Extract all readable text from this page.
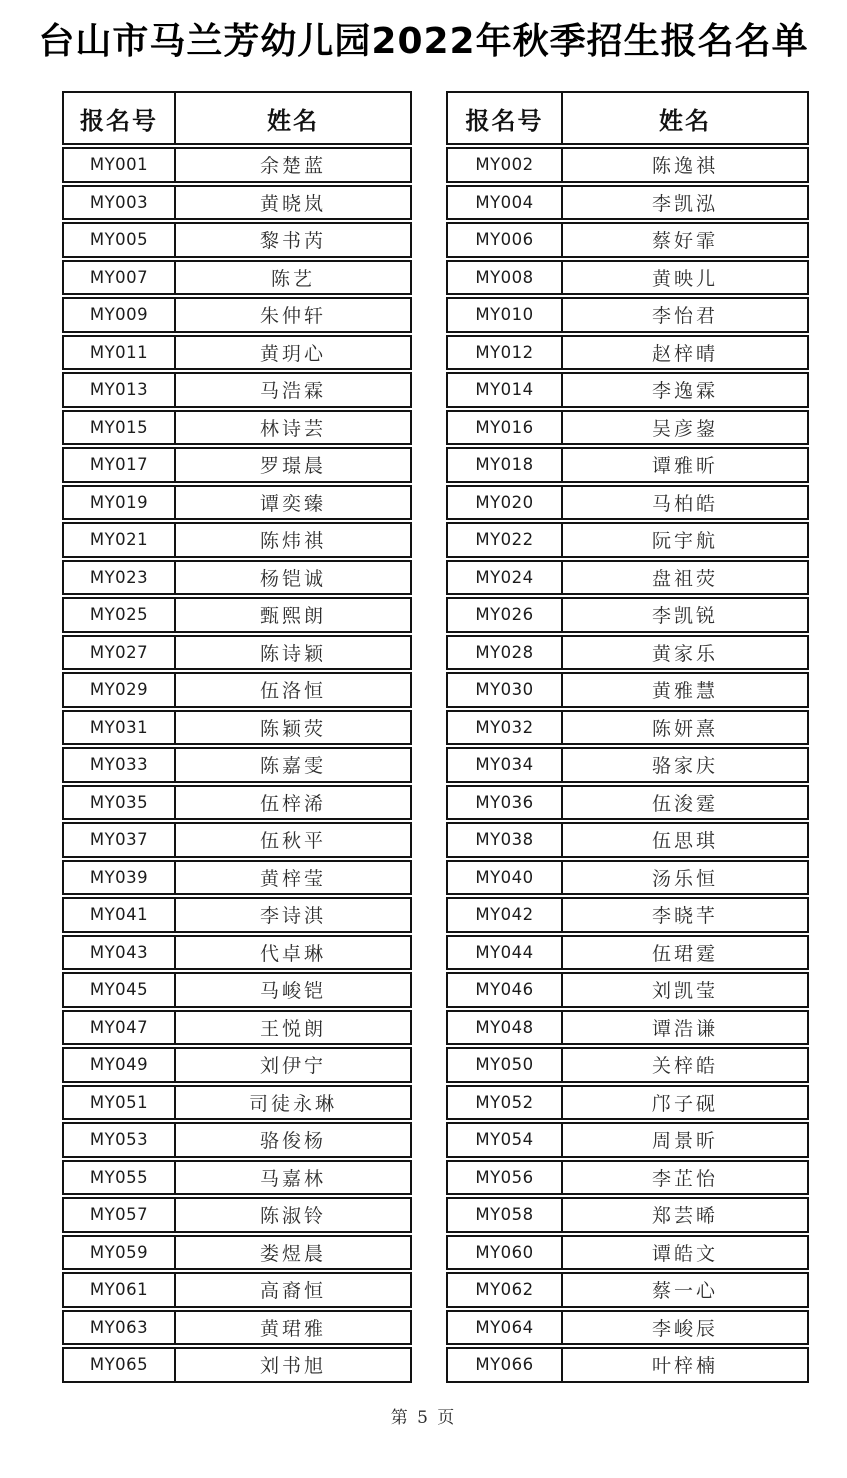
台山市马兰芳幼儿园2022年秋季招生报名名单
报名号	姓名
MY001	余楚蓝
MY003	黄晓岚
MY005	黎书芮
MY007	陈艺
MY009	朱仲轩
MY011	黄玥心
MY013	马浩霖
MY015	林诗芸
MY017	罗璟晨
MY019	谭奕臻
MY021	陈炜祺
MY023	杨铠诚
MY025	甄熙朗
MY027	陈诗颖
MY029	伍洛恒
MY031	陈颖荧
MY033	陈嘉雯
MY035	伍梓浠
MY037	伍秋平
MY039	黄梓莹
MY041	李诗淇
MY043	代卓琳
MY045	马峻铠
MY047	王悦朗
MY049	刘伊宁
MY051	司徒永琳
MY053	骆俊杨
MY055	马嘉林
MY057	陈淑铃
MY059	娄煜晨
MY061	高裔恒
MY063	黄珺雅
MY065	刘书旭
报名号	姓名
MY002	陈逸祺
MY004	李凯泓
MY006	蔡好霏
MY008	黄映儿
MY010	李怡君
MY012	赵梓晴
MY014	李逸霖
MY016	吴彦鋆
MY018	谭雅昕
MY020	马柏皓
MY022	阮宇航
MY024	盘祖荧
MY026	李凯锐
MY028	黄家乐
MY030	黄雅慧
MY032	陈妍熹
MY034	骆家庆
MY036	伍浚霆
MY038	伍思琪
MY040	汤乐恒
MY042	李晓芊
MY044	伍珺霆
MY046	刘凯莹
MY048	谭浩谦
MY050	关梓皓
MY052	邝子砚
MY054	周景昕
MY056	李芷怡
MY058	郑芸晞
MY060	谭皓文
MY062	蔡一心
MY064	李峻辰
MY066	叶梓楠
第 5 页
